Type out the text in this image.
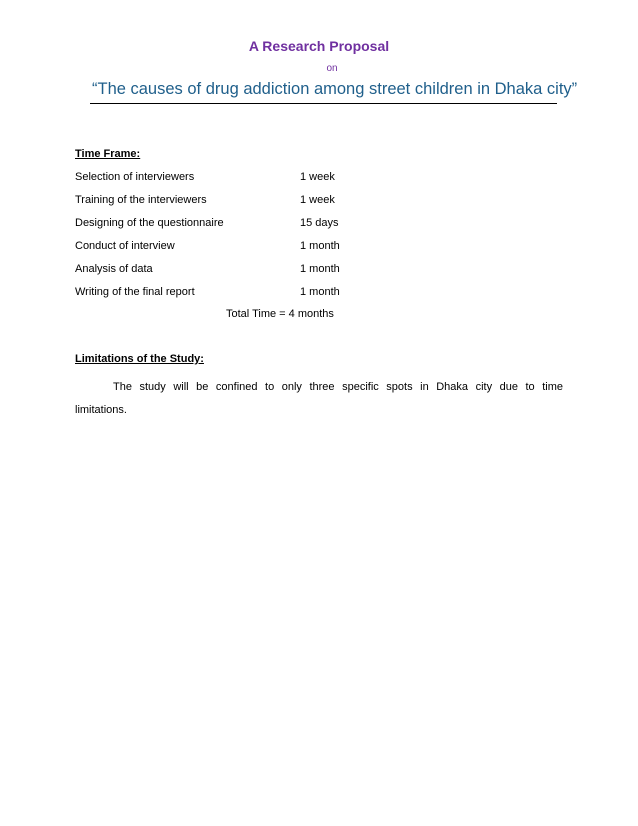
A Research Proposal
on
“The causes of drug addiction among street children in Dhaka city”
Time Frame:
Selection of interviewers	1 week
Training of the interviewers	1 week
Designing of the questionnaire	15 days
Conduct of interview	1 month
Analysis of data	1 month
Writing of the final report	1 month
Total Time = 4 months
Limitations of the Study:
The study will be confined to only three specific spots in Dhaka city due to time
limitations.
